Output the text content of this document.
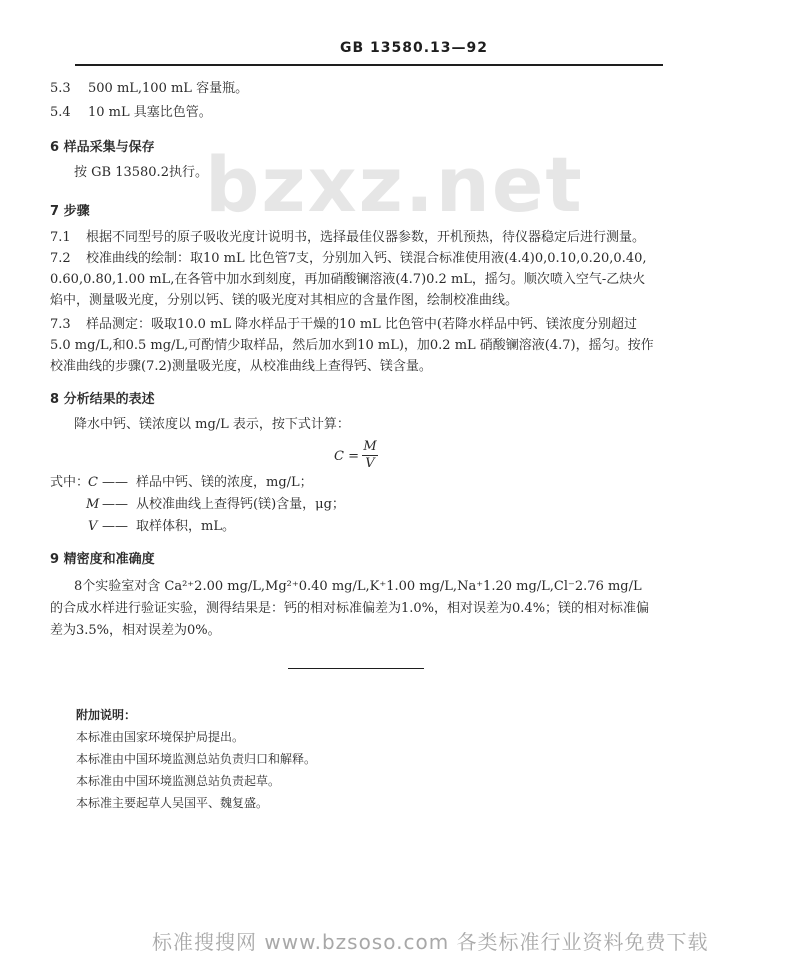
GB 13580.13—92
bzxz.net
5.3 500 mL,100 mL 容量瓶。
5.4 10 mL 具塞比色管。
6 样品采集与保存
按 GB 13580.2执行。
7 步骤
7.1 根据不同型号的原子吸收光度计说明书，选择最佳仪器参数，开机预热，待仪器稳定后进行测量。
7.2 校准曲线的绘制：取10 mL 比色管7支，分别加入钙、镁混合标准使用液(4.4)0,0.10,0.20,0.40,
0.60,0.80,1.00 mL,在各管中加水到刻度，再加硝酸镧溶液(4.7)0.2 mL，摇匀。顺次喷入空气-乙炔火
焰中，测量吸光度，分别以钙、镁的吸光度对其相应的含量作图，绘制校准曲线。
7.3 样品测定：吸取10.0 mL 降水样品于干燥的10 mL 比色管中(若降水样品中钙、镁浓度分别超过
5.0 mg/L,和0.5 mg/L,可酌情少取样品，然后加水到10 mL)，加0.2 mL 硝酸镧溶液(4.7)，摇匀。按作
校准曲线的步骤(7.2)测量吸光度，从校准曲线上查得钙、镁含量。
8 分析结果的表述
降水中钙、镁浓度以 mg/L 表示，按下式计算：
C =
M
V
式中：
C —— 样品中钙、镁的浓度，mg/L；
M —— 从校准曲线上查得钙(镁)含量，μg；
V —— 取样体积，mL。
9 精密度和准确度
8个实验室对含 Ca²⁺2.00 mg/L,Mg²⁺0.40 mg/L,K⁺1.00 mg/L,Na⁺1.20 mg/L,Cl⁻2.76 mg/L
的合成水样进行验证实验，测得结果是：钙的相对标准偏差为1.0%，相对误差为0.4%；镁的相对标准偏
差为3.5%，相对误差为0%。
附加说明：
本标准由国家环境保护局提出。
本标准由中国环境监测总站负责归口和解释。
本标准由中国环境监测总站负责起草。
本标准主要起草人吴国平、魏复盛。
标准搜搜网 www.bzsoso.com 各类标准行业资料免费下载
